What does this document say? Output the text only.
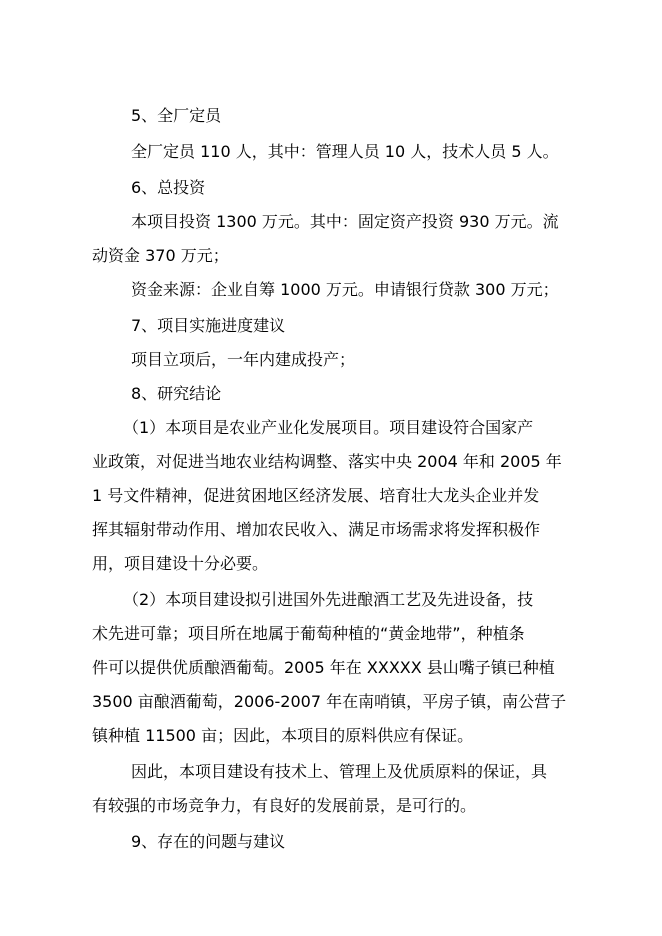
5、全厂定员
全厂定员 110 人，其中：管理人员 10 人，技术人员 5 人。
6、总投资
本项目投资 1300 万元。其中：固定资产投资 930 万元。流
动资金 370 万元；
资金来源：企业自筹 1000 万元。申请银行贷款 300 万元；
7、项目实施进度建议
项目立项后，一年内建成投产；
8、研究结论
（1）本项目是农业产业化发展项目。项目建设符合国家产
业政策，对促进当地农业结构调整、落实中央 2004 年和 2005 年
1 号文件精神，促进贫困地区经济发展、培育壮大龙头企业并发
挥其辐射带动作用、增加农民收入、满足市场需求将发挥积极作
用，项目建设十分必要。
（2）本项目建设拟引进国外先进酿酒工艺及先进设备，技
术先进可靠；项目所在地属于葡萄种植的“黄金地带”，种植条
件可以提供优质酿酒葡萄。2005 年在 XXXXX 县山嘴子镇已种植
3500 亩酿酒葡萄，2006-2007 年在南哨镇，平房子镇，南公营子
镇种植 11500 亩；因此，本项目的原料供应有保证。
因此，本项目建设有技术上、管理上及优质原料的保证，具
有较强的市场竞争力，有良好的发展前景，是可行的。
9、存在的问题与建议
